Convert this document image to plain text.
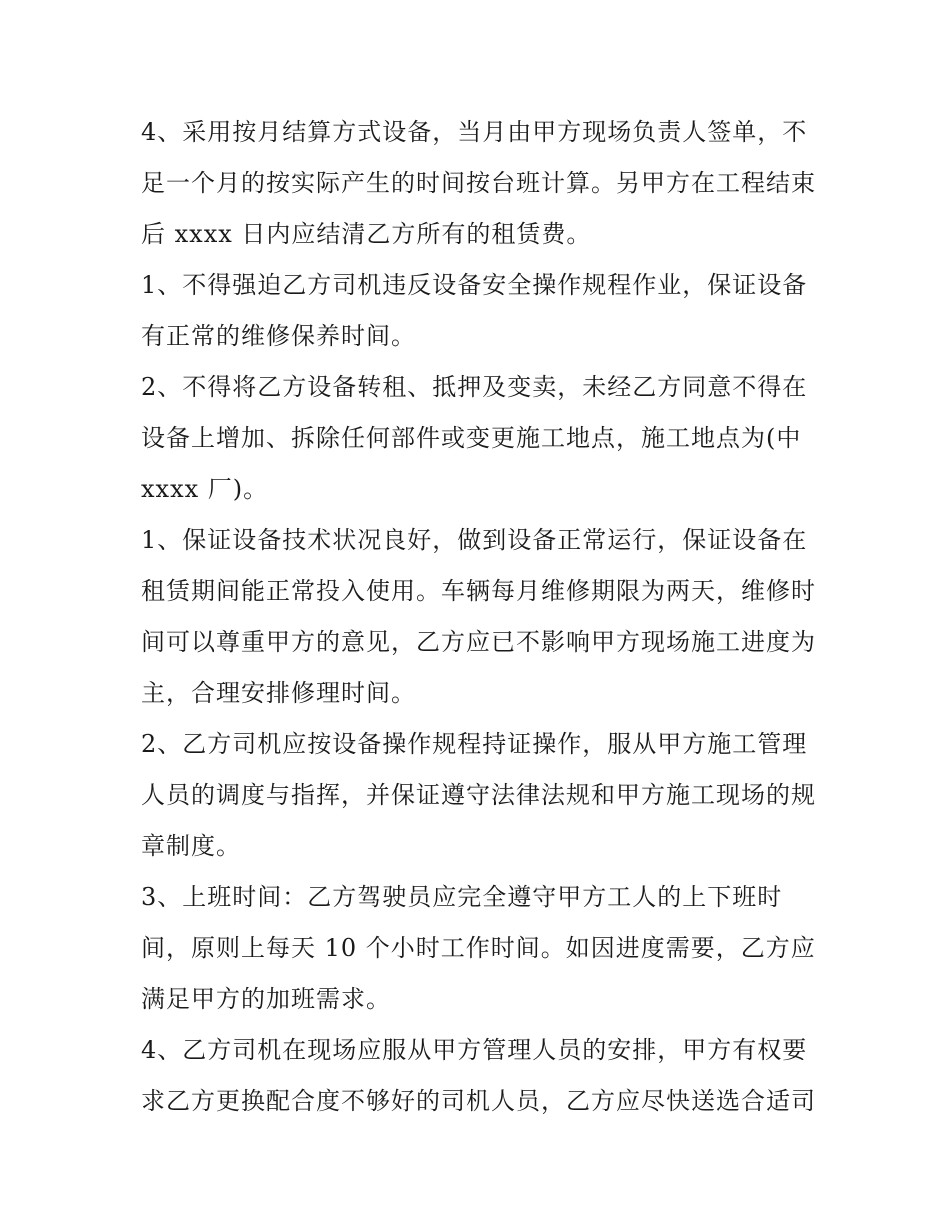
4、采用按月结算方式设备，当月由甲方现场负责人签单，不
足一个月的按实际产生的时间按台班计算。另甲方在工程结束
后 xxxx 日内应结清乙方所有的租赁费。
1、不得强迫乙方司机违反设备安全操作规程作业，保证设备
有正常的维修保养时间。
2、不得将乙方设备转租、抵押及变卖，未经乙方同意不得在
设备上增加、拆除任何部件或变更施工地点，施工地点为(中
xxxx 厂)。
1、保证设备技术状况良好，做到设备正常运行，保证设备在
租赁期间能正常投入使用。车辆每月维修期限为两天，维修时
间可以尊重甲方的意见，乙方应已不影响甲方现场施工进度为
主，合理安排修理时间。
2、乙方司机应按设备操作规程持证操作，服从甲方施工管理
人员的调度与指挥，并保证遵守法律法规和甲方施工现场的规
章制度。
3、上班时间：乙方驾驶员应完全遵守甲方工人的上下班时
间，原则上每天 10 个小时工作时间。如因进度需要，乙方应
满足甲方的加班需求。
4、乙方司机在现场应服从甲方管理人员的安排，甲方有权要
求乙方更换配合度不够好的司机人员，乙方应尽快送选合适司
